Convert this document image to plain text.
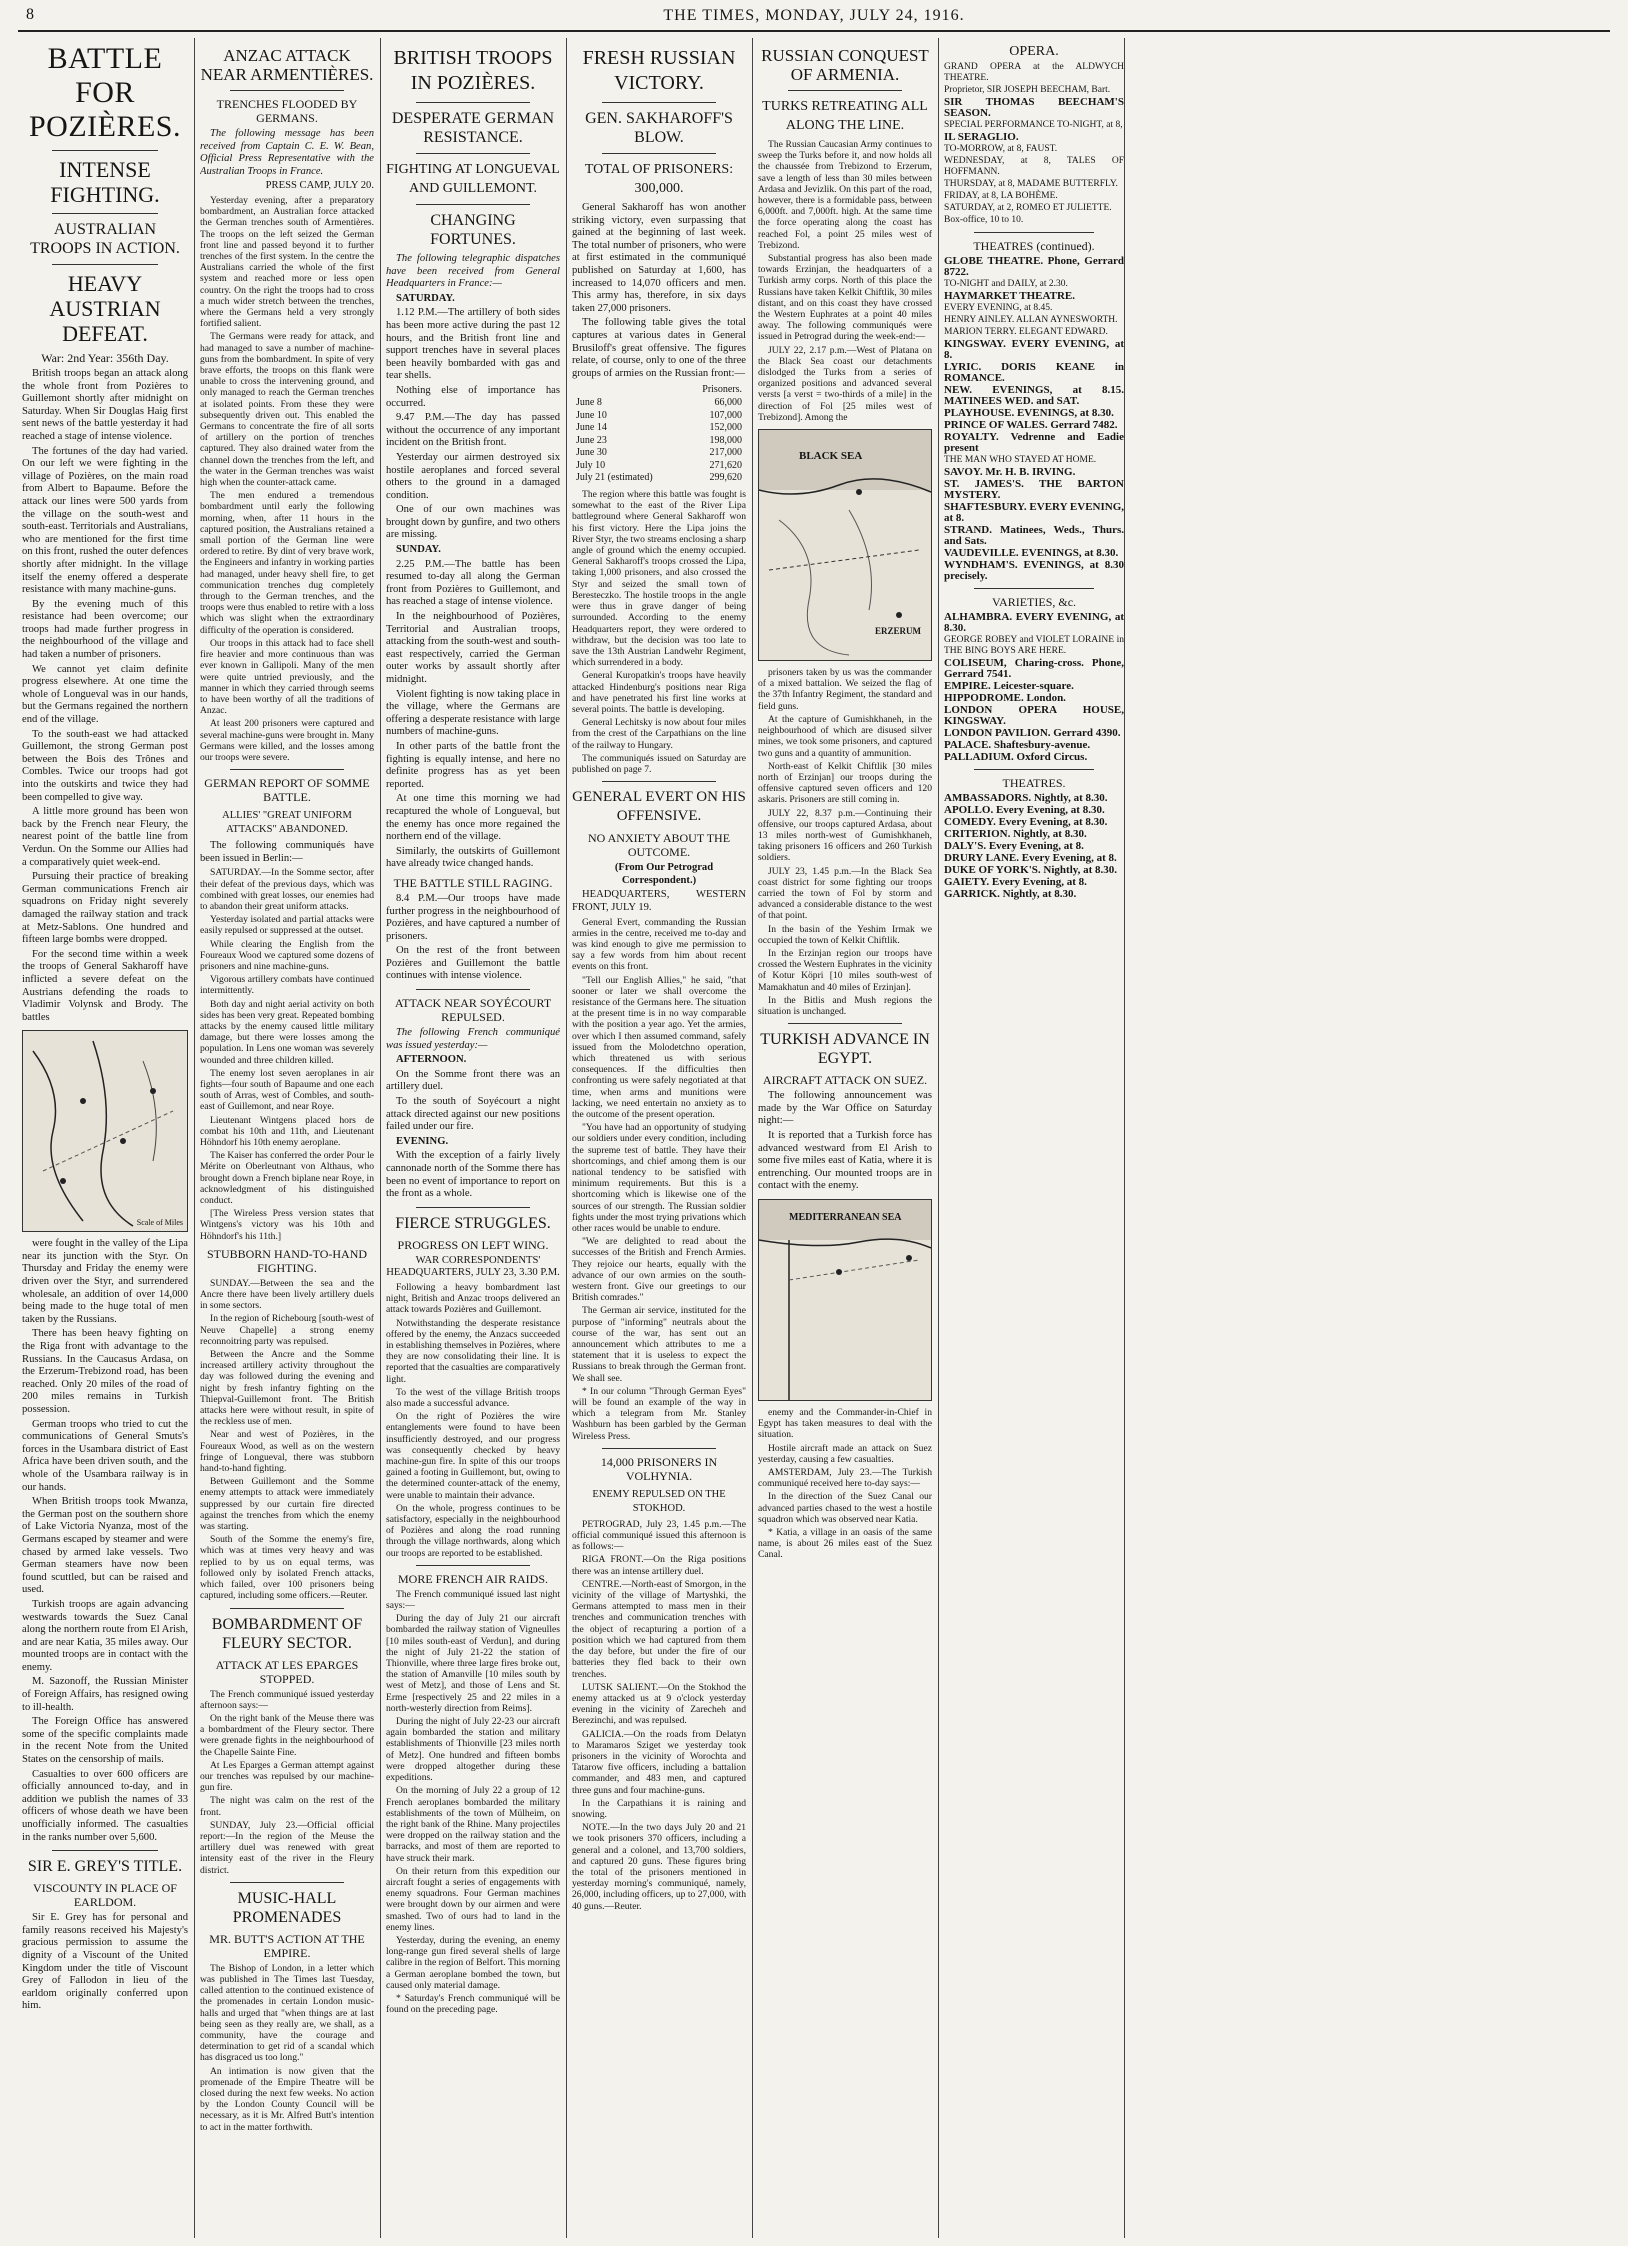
8	THE TIMES, MONDAY, JULY 24, 1916.
BATTLE FOR POZIÈRES.
INTENSE FIGHTING.
AUSTRALIAN TROOPS IN ACTION.
HEAVY AUSTRIAN DEFEAT.
War: 2nd Year: 356th Day.

British troops began an attack along the whole front from Pozières to Guillemont shortly after midnight on Saturday. When Sir Douglas Haig first sent news of the battle yesterday it had reached a stage of intense violence.

The fortunes of the day had varied. On our left we were fighting in the village of Pozières, on the main road from Albert to Bapaume. Before the attack our lines were 500 yards from the village on the south-west and south-east. Territorials and Australians, who are mentioned for the first time on this front, rushed the outer defences shortly after midnight. In the village itself the enemy offered a desperate resistance with many machine-guns.

By the evening much of this resistance had been overcome; our troops had made further progress in the neighbourhood of the village and had taken a number of prisoners.

We cannot yet claim definite progress elsewhere. At one time the whole of Longueval was in our hands, but the Germans regained the northern end of the village.

To the south-east we had attacked Guillemont, the strong German post between the Bois des Trônes and Combles. Twice our troops had got into the outskirts and twice they had been compelled to give way.

A little more ground has been won back by the French near Fleury, the nearest point of the battle line from Verdun. On the Somme our Allies had a comparatively quiet week-end.

Pursuing their practice of breaking German communications French air squadrons on Friday night severely damaged the railway station and track at Metz-Sablons. One hundred and fifteen large bombs were dropped.

For the second time within a week the troops of General Sakharoff have inflicted a severe defeat on the Austrians defending the roads to Vladimir Volynsk and Brody. The battles

Scale of Miles

were fought in the valley of the Lipa near its junction with the Styr. On Thursday and Friday the enemy were driven over the Styr, and surrendered wholesale, an addition of over 14,000 being made to the huge total of men taken by the Russians.

There has been heavy fighting on the Riga front with advantage to the Russians. In the Caucasus Ardasa, on the Erzerum-Trebizond road, has been reached. Only 20 miles of the road of 200 miles remains in Turkish possession.

German troops who tried to cut the communications of General Smuts's forces in the Usambara district of East Africa have been driven south, and the whole of the Usambara railway is in our hands.

When British troops took Mwanza, the German post on the southern shore of Lake Victoria Nyanza, most of the Germans escaped by steamer and were chased by armed lake vessels. Two German steamers have now been found scuttled, but can be raised and used.

Turkish troops are again advancing westwards towards the Suez Canal along the northern route from El Arish, and are near Katia, 35 miles away. Our mounted troops are in contact with the enemy.

M. Sazonoff, the Russian Minister of Foreign Affairs, has resigned owing to ill-health.

The Foreign Office has answered some of the specific complaints made in the recent Note from the United States on the censorship of mails.

Casualties to over 600 officers are officially announced to-day, and in addition we publish the names of 33 officers of whose death we have been unofficially informed. The casualties in the ranks number over 5,600.

SIR E. GREY'S TITLE.
VISCOUNTY IN PLACE OF EARLDOM.

Sir E. Grey has for personal and family reasons received his Majesty's gracious permission to assume the dignity of a Viscount of the United Kingdom under the title of Viscount Grey of Fallodon in lieu of the earldom originally conferred upon him.

ANZAC ATTACK NEAR ARMENTIÈRES.
TRENCHES FLOODED BY GERMANS.

The following message has been received from Captain C. E. W. Bean, Official Press Representative with the Australian Troops in France.

PRESS CAMP, JULY 20.

Yesterday evening, after a preparatory bombardment, an Australian force attacked the German trenches south of Armentières. The troops on the left seized the German front line and passed beyond it to further trenches of the first system. In the centre the Australians carried the whole of the first system and reached more or less open country. On the right the troops had to cross a much wider stretch between the trenches, where the Germans held a very strongly fortified salient.

The Germans were ready for attack, and had managed to save a number of machine-guns from the bombardment. In spite of very brave efforts, the troops on this flank were unable to cross the intervening ground, and only managed to reach the German trenches at isolated points. From these they were subsequently driven out. This enabled the Germans to concentrate the fire of all sorts of artillery on the portion of trenches captured. They also drained water from the channel down the trenches from the left, and the water in the German trenches was waist high when the counter-attack came.

The men endured a tremendous bombardment until early the following morning, when, after 11 hours in the captured position, the Australians retained a small portion of the German line were ordered to retire. By dint of very brave work, the Engineers and infantry in working parties had managed, under heavy shell fire, to get communication trenches dug completely through to the German trenches, and the troops were thus enabled to retire with a loss which was slight when the extraordinary difficulty of the operation is considered.

Our troops in this attack had to face shell fire heavier and more continuous than was ever known in Gallipoli. Many of the men were quite untried previously, and the manner in which they carried through seems to have been worthy of all the traditions of Anzac.

At least 200 prisoners were captured and several machine-guns were brought in. Many Germans were killed, and the losses among our troops were severe.

GERMAN REPORT OF SOMME BATTLE.
ALLIES' "GREAT UNIFORM ATTACKS" ABANDONED.

The following communiqués have been issued in Berlin:—

SATURDAY.—In the Somme sector, after their defeat of the previous days, which was combined with great losses, our enemies had to abandon their great uniform attacks.

Yesterday isolated and partial attacks were easily repulsed or suppressed at the outset.

While clearing the English from the Foureaux Wood we captured some dozens of prisoners and nine machine-guns.

Vigorous artillery combats have continued intermittently.

Both day and night aerial activity on both sides has been very great. Repeated bombing attacks by the enemy caused little military damage, but there were losses among the population. In Lens one woman was severely wounded and three children killed.

The enemy lost seven aeroplanes in air fights—four south of Bapaume and one each south of Arras, west of Combles, and south-east of Guillemont, and near Roye.

Lieutenant Wintgens placed hors de combat his 10th and 11th, and Lieutenant Höhndorf his 10th enemy aeroplane.

The Kaiser has conferred the order Pour le Mérite on Oberleutnant von Althaus, who brought down a French biplane near Roye, in acknowledgment of his distinguished conduct.

[The Wireless Press version states that Wintgens's victory was his 10th and Höhndorf's his 11th.]

STUBBORN HAND-TO-HAND FIGHTING.

SUNDAY.—Between the sea and the Ancre there have been lively artillery duels in some sectors.

In the region of Richebourg [south-west of Neuve Chapelle] a strong enemy reconnoitring party was repulsed.

Between the Ancre and the Somme increased artillery activity throughout the day was followed during the evening and night by fresh infantry fighting on the Thiepval-Guillemont front. The British attacks here were without result, in spite of the reckless use of men.

Near and west of Pozières, in the Foureaux Wood, as well as on the western fringe of Longueval, there was stubborn hand-to-hand fighting.

Between Guillemont and the Somme enemy attempts to attack were immediately suppressed by our curtain fire directed against the trenches from which the enemy was starting.

South of the Somme the enemy's fire, which was at times very heavy and was replied to by us on equal terms, was followed only by isolated French attacks, which failed, over 100 prisoners being captured, including some officers.—Reuter.

BOMBARDMENT OF FLEURY SECTOR.
ATTACK AT LES EPARGES STOPPED.

The French communiqué issued yesterday afternoon says:—

On the right bank of the Meuse there was a bombardment of the Fleury sector. There were grenade fights in the neighbourhood of the Chapelle Sainte Fine.

At Les Eparges a German attempt against our trenches was repulsed by our machine-gun fire.

The night was calm on the rest of the front.

SUNDAY, July 23.—Official official report:—In the region of the Meuse the artillery duel was renewed with great intensity east of the river in the Fleury district.

MUSIC-HALL PROMENADES
MR. BUTT'S ACTION AT THE EMPIRE.

The Bishop of London, in a letter which was published in The Times last Tuesday, called attention to the continued existence of the promenades in certain London music-halls and urged that "when things are at last being seen as they really are, we shall, as a community, have the courage and determination to get rid of a scandal which has disgraced us too long."

An intimation is now given that the promenade of the Empire Theatre will be closed during the next few weeks. No action by the London County Council will be necessary, as it is Mr. Alfred Butt's intention to act in the matter forthwith.

BRITISH TROOPS IN POZIÈRES.
DESPERATE GERMAN RESISTANCE.
FIGHTING AT LONGUEVAL AND GUILLEMONT.
CHANGING FORTUNES.

The following telegraphic dispatches have been received from General Headquarters in France:—

SATURDAY.

1.12 P.M.—The artillery of both sides has been more active during the past 12 hours, and the British front line and support trenches have in several places been heavily bombarded with gas and tear shells.

Nothing else of importance has occurred.

9.47 P.M.—The day has passed without the occurrence of any important incident on the British front.

Yesterday our airmen destroyed six hostile aeroplanes and forced several others to the ground in a damaged condition.

One of our own machines was brought down by gunfire, and two others are missing.

SUNDAY.

2.25 P.M.—The battle has been resumed to-day all along the German front from Pozières to Guillemont, and has reached a stage of intense violence.

In the neighbourhood of Pozières, Territorial and Australian troops, attacking from the south-west and south-east respectively, carried the German outer works by assault shortly after midnight.

Violent fighting is now taking place in the village, where the Germans are offering a desperate resistance with large numbers of machine-guns.

In other parts of the battle front the fighting is equally intense, and here no definite progress has as yet been reported.

At one time this morning we had recaptured the whole of Longueval, but the enemy has once more regained the northern end of the village.

Similarly, the outskirts of Guillemont have already twice changed hands.

THE BATTLE STILL RAGING.

8.4 P.M.—Our troops have made further progress in the neighbourhood of Pozières, and have captured a number of prisoners.

On the rest of the front between Pozières and Guillemont the battle continues with intense violence.

ATTACK NEAR SOYÉCOURT REPULSED.

The following French communiqué was issued yesterday:—

AFTERNOON.

On the Somme front there was an artillery duel.

To the south of Soyécourt a night attack directed against our new positions failed under our fire.

EVENING.

With the exception of a fairly lively cannonade north of the Somme there has been no event of importance to report on the front as a whole.

FIERCE STRUGGLES.
PROGRESS ON LEFT WING.

WAR CORRESPONDENTS' HEADQUARTERS, JULY 23, 3.30 P.M.

Following a heavy bombardment last night, British and Anzac troops delivered an attack towards Pozières and Guillemont.

Notwithstanding the desperate resistance offered by the enemy, the Anzacs succeeded in establishing themselves in Pozières, where they are now consolidating their line. It is reported that the casualties are comparatively light.

To the west of the village British troops also made a successful advance.

On the right of Pozières the wire entanglements were found to have been insufficiently destroyed, and our progress was consequently checked by heavy machine-gun fire. In spite of this our troops gained a footing in Guillemont, but, owing to the determined counter-attack of the enemy, were unable to maintain their advance.

On the whole, progress continues to be satisfactory, especially in the neighbourhood of Pozières and along the road running through the village northwards, along which our troops are reported to be established.

MORE FRENCH AIR RAIDS.

The French communiqué issued last night says:—

During the day of July 21 our aircraft bombarded the railway station of Vigneulles [10 miles south-east of Verdun], and during the night of July 21-22 the station of Thionville, where three large fires broke out, the station of Amanville [10 miles south by west of Metz], and those of Lens and St. Erme [respectively 25 and 22 miles in a north-westerly direction from Reims].

During the night of July 22-23 our aircraft again bombarded the station and military establishments of Thionville [23 miles north of Metz]. One hundred and fifteen bombs were dropped altogether during these expeditions.

On the morning of July 22 a group of 12 French aeroplanes bombarded the military establishments of the town of Mülheim, on the right bank of the Rhine. Many projectiles were dropped on the railway station and the barracks, and most of them are reported to have struck their mark.

On their return from this expedition our aircraft fought a series of engagements with enemy squadrons. Four German machines were brought down by our airmen and were smashed. Two of ours had to land in the enemy lines.

Yesterday, during the evening, an enemy long-range gun fired several shells of large calibre in the region of Belfort. This morning a German aeroplane bombed the town, but caused only material damage.

* Saturday's French communiqué will be found on the preceding page.

FRESH RUSSIAN VICTORY.
GEN. SAKHAROFF'S BLOW.
TOTAL OF PRISONERS: 300,000.

General Sakharoff has won another striking victory, even surpassing that gained at the beginning of last week. The total number of prisoners, who were at first estimated in the communiqué published on Saturday at 1,600, has increased to 14,070 officers and men. This army has, therefore, in six days taken 27,000 prisoners.

The following table gives the total captures at various dates in General Brusiloff's great offensive. The figures relate, of course, only to one of the three groups of armies on the Russian front:—

	Prisoners.
June 8	66,000
June 10	107,000
June 14	152,000
June 23	198,000
June 30	217,000
July 10	271,620
July 21 (estimated)	299,620

The region where this battle was fought is somewhat to the east of the River Lipa battleground where General Sakharoff won his first victory. Here the Lipa joins the River Styr, the two streams enclosing a sharp angle of ground which the enemy occupied. General Sakharoff's troops crossed the Lipa, taking 1,000 prisoners, and also crossed the Styr and seized the small town of Beresteczko. The hostile troops in the angle were thus in grave danger of being surrounded. According to the enemy Headquarters report, they were ordered to withdraw, but the decision was too late to save the 13th Austrian Landwehr Regiment, which surrendered in a body.

General Kuropatkin's troops have heavily attacked Hindenburg's positions near Riga and have penetrated his first line works at several points. The battle is developing.

General Lechitsky is now about four miles from the crest of the Carpathians on the line of the railway to Hungary.

The communiqués issued on Saturday are published on page 7.

GENERAL EVERT ON HIS OFFENSIVE.
NO ANXIETY ABOUT THE OUTCOME.

(From Our Petrograd Correspondent.)

HEADQUARTERS, WESTERN FRONT, JULY 19.

General Evert, commanding the Russian armies in the centre, received me to-day and was kind enough to give me permission to say a few words from him about recent events on this front.

"Tell our English Allies," he said, "that sooner or later we shall overcome the resistance of the Germans here. The situation at the present time is in no way comparable with the position a year ago. Yet the armies, over which I then assumed command, safely issued from the Molodetchno operation, which threatened us with serious consequences. If the difficulties then confronting us were safely negotiated at that time, when arms and munitions were lacking, we need entertain no anxiety as to the outcome of the present operation.

"You have had an opportunity of studying our soldiers under every condition, including the supreme test of battle. They have their shortcomings, and chief among them is our national tendency to be satisfied with minimum requirements. But this is a shortcoming which is likewise one of the sources of our strength. The Russian soldier fights under the most trying privations which other races would be unable to endure.

"We are delighted to read about the successes of the British and French Armies. They rejoice our hearts, equally with the advance of our own armies on the south-western front. Give our greetings to our British comrades."

The German air service, instituted for the purpose of "informing" neutrals about the course of the war, has sent out an announcement which attributes to me a statement that it is useless to expect the Russians to break through the German front. We shall see.

* In our column "Through German Eyes" will be found an example of the way in which a telegram from Mr. Stanley Washburn has been garbled by the German Wireless Press.

14,000 PRISONERS IN VOLHYNIA.
ENEMY REPULSED ON THE STOKHOD.

PETROGRAD, July 23, 1.45 p.m.—The official communiqué issued this afternoon is as follows:—

RIGA FRONT.—On the Riga positions there was an intense artillery duel.

CENTRE.—North-east of Smorgon, in the vicinity of the village of Martyshki, the Germans attempted to mass men in their trenches and communication trenches with the object of recapturing a portion of a position which we had captured from them the day before, but under the fire of our batteries they fled back to their own trenches.

LUTSK SALIENT.—On the Stokhod the enemy attacked us at 9 o'clock yesterday evening in the vicinity of Zarecheh and Berezinchi, and was repulsed.

GALICIA.—On the roads from Delatyn to Maramaros Sziget we yesterday took prisoners in the vicinity of Worochta and Tatarow five officers, including a battalion commander, and 483 men, and captured three guns and four machine-guns.

In the Carpathians it is raining and snowing.

NOTE.—In the two days July 20 and 21 we took prisoners 370 officers, including a general and a colonel, and 13,700 soldiers, and captured 20 guns. These figures bring the total of the prisoners mentioned in yesterday morning's communiqué, namely, 26,000, including officers, up to 27,000, with 40 guns.—Reuter.

RUSSIAN CONQUEST OF ARMENIA.
TURKS RETREATING ALL ALONG THE LINE.

The Russian Caucasian Army continues to sweep the Turks before it, and now holds all the chaussée from Trebizond to Erzerum, save a length of less than 30 miles between Ardasa and Jevizlik. On this part of the road, however, there is a formidable pass, between 6,000ft. and 7,000ft. high. At the same time the force operating along the coast has reached Fol, a point 25 miles west of Trebizond.

Substantial progress has also been made towards Erzinjan, the headquarters of a Turkish army corps. North of this place the Russians have taken Kelkit Chiftlik, 30 miles distant, and on this coast they have crossed the Western Euphrates at a point 40 miles away. The following communiqués were issued in Petrograd during the week-end:—

JULY 22, 2.17 p.m.—West of Platana on the Black Sea coast our detachments dislodged the Turks from a series of organized positions and advanced several versts [a verst = two-thirds of a mile] in the direction of Fol [25 miles west of Trebizond]. Among the

BLACK SEA
ERZERUM

prisoners taken by us was the commander of a mixed battalion. We seized the flag of the 37th Infantry Regiment, the standard and field guns.

At the capture of Gumishkhaneh, in the neighbourhood of which are disused silver mines, we took some prisoners, and captured two guns and a quantity of ammunition.

North-east of Kelkit Chiftlik [30 miles north of Erzinjan] our troops during the offensive captured seven officers and 120 askaris. Prisoners are still coming in.

JULY 22, 8.37 p.m.—Continuing their offensive, our troops captured Ardasa, about 13 miles north-west of Gumishkhaneh, taking prisoners 16 officers and 260 Turkish soldiers.

JULY 23, 1.45 p.m.—In the Black Sea coast district for some fighting our troops carried the town of Fol by storm and advanced a considerable distance to the west of that point.

In the basin of the Yeshim Irmak we occupied the town of Kelkit Chiftlik.

In the Erzinjan region our troops have crossed the Western Euphrates in the vicinity of Kotur Köpri [10 miles south-west of Mamakhatun and 40 miles of Erzinjan].

In the Bitlis and Mush regions the situation is unchanged.

TURKISH ADVANCE IN EGYPT.
AIRCRAFT ATTACK ON SUEZ.

The following announcement was made by the War Office on Saturday night:—

It is reported that a Turkish force has advanced westward from El Arish to some five miles east of Katia, where it is entrenching. Our mounted troops are in contact with the enemy.

MEDITERRANEAN SEA

enemy and the Commander-in-Chief in Egypt has taken measures to deal with the situation.

Hostile aircraft made an attack on Suez yesterday, causing a few casualties.

AMSTERDAM, July 23.—The Turkish communiqué received here to-day says:—

In the direction of the Suez Canal our advanced parties chased to the west a hostile squadron which was observed near Katia.

* Katia, a village in an oasis of the same name, is about 26 miles east of the Suez Canal.

OPERA.

GRAND OPERA at the ALDWYCH THEATRE.

Proprietor, SIR JOSEPH BEECHAM, Bart.

SIR THOMAS BEECHAM'S SEASON.

SPECIAL PERFORMANCE TO-NIGHT, at 8,

IL SERAGLIO.

TO-MORROW, at 8, FAUST.

WEDNESDAY, at 8, TALES OF HOFFMANN.

THURSDAY, at 8, MADAME BUTTERFLY.

FRIDAY, at 8, LA BOHÈME.

SATURDAY, at 2, ROMEO ET JULIETTE.

Box-office, 10 to 10.

THEATRES (continued).

GLOBE THEATRE. Phone, Gerrard 8722.

TO-NIGHT and DAILY, at 2.30.

HAYMARKET THEATRE.

EVERY EVENING, at 8.45.

HENRY AINLEY. ALLAN AYNESWORTH.

MARION TERRY. ELEGANT EDWARD.

KINGSWAY. EVERY EVENING, at 8.

LYRIC. DORIS KEANE in ROMANCE.

NEW. EVENINGS, at 8.15. MATINEES WED. and SAT.

PLAYHOUSE. EVENINGS, at 8.30.

PRINCE OF WALES. Gerrard 7482.

ROYALTY. Vedrenne and Eadie present

THE MAN WHO STAYED AT HOME.

SAVOY. Mr. H. B. IRVING.

ST. JAMES'S. THE BARTON MYSTERY.

SHAFTESBURY. EVERY EVENING, at 8.

STRAND. Matinees, Weds., Thurs. and Sats.

VAUDEVILLE. EVENINGS, at 8.30.

WYNDHAM'S. EVENINGS, at 8.30 precisely.

VARIETIES, &c.

ALHAMBRA. EVERY EVENING, at 8.30.

GEORGE ROBEY and VIOLET LORAINE in THE BING BOYS ARE HERE.

COLISEUM, Charing-cross. Phone, Gerrard 7541.

EMPIRE. Leicester-square.

HIPPODROME. London.

LONDON OPERA HOUSE, KINGSWAY.

LONDON PAVILION. Gerrard 4390.

PALACE. Shaftesbury-avenue.

PALLADIUM. Oxford Circus.

THEATRES.

AMBASSADORS. Nightly, at 8.30.

APOLLO. Every Evening, at 8.30.

COMEDY. Every Evening, at 8.30.

CRITERION. Nightly, at 8.30.

DALY'S. Every Evening, at 8.

DRURY LANE. Every Evening, at 8.

DUKE OF YORK'S. Nightly, at 8.30.

GAIETY. Every Evening, at 8.

GARRICK. Nightly, at 8.30.
